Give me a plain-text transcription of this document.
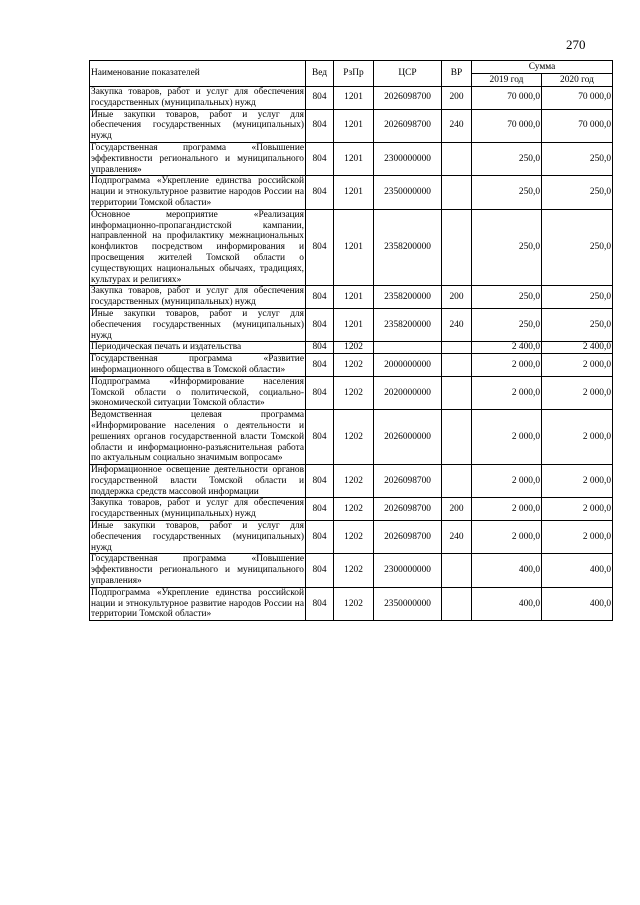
270
Наименование показателей	Вед	РзПр	ЦСР	ВР	Сумма	
					2019 год	2020 год
Закупка товаров, работ и услуг для обеспечения государственных (муниципальных) нужд	804	1201	2026098700	200	70 000,0	70 000,0
Иные закупки товаров, работ и услуг для обеспечения государственных (муниципальных) нужд	804	1201	2026098700	240	70 000,0	70 000,0
Государственная программа «Повышение эффективности регионального и муниципального управления»	804	1201	2300000000		250,0	250,0
Подпрограмма «Укрепление единства российской нации и этнокультурное развитие народов России на территории Томской области»	804	1201	2350000000		250,0	250,0
Основное мероприятие «Реализация информационно-пропагандистской кампании, направленной на профилактику межнациональных конфликтов посредством информирования и просвещения жителей Томской области о существующих национальных обычаях, традициях, культурах и религиях»	804	1201	2358200000		250,0	250,0
Закупка товаров, работ и услуг для обеспечения государственных (муниципальных) нужд	804	1201	2358200000	200	250,0	250,0
Иные закупки товаров, работ и услуг для обеспечения государственных (муниципальных) нужд	804	1201	2358200000	240	250,0	250,0
Периодическая печать и издательства	804	1202			2 400,0	2 400,0
Государственная программа «Развитие информационного общества в Томской области»	804	1202	2000000000		2 000,0	2 000,0
Подпрограмма «Информирование населения Томской области о политической, социально-экономической ситуации Томской области»	804	1202	2020000000		2 000,0	2 000,0
Ведомственная целевая программа «Информирование населения о деятельности и решениях органов государственной власти Томской области и информационно-разъяснительная работа по актуальным социально значимым вопросам»	804	1202	2026000000		2 000,0	2 000,0
Информационное освещение деятельности органов государственной власти Томской области и поддержка средств массовой информации	804	1202	2026098700		2 000,0	2 000,0
Закупка товаров, работ и услуг для обеспечения государственных (муниципальных) нужд	804	1202	2026098700	200	2 000,0	2 000,0
Иные закупки товаров, работ и услуг для обеспечения государственных (муниципальных) нужд	804	1202	2026098700	240	2 000,0	2 000,0
Государственная программа «Повышение эффективности регионального и муниципального управления»	804	1202	2300000000		400,0	400,0
Подпрограмма «Укрепление единства российской нации и этнокультурное развитие народов России на территории Томской области»	804	1202	2350000000		400,0	400,0
